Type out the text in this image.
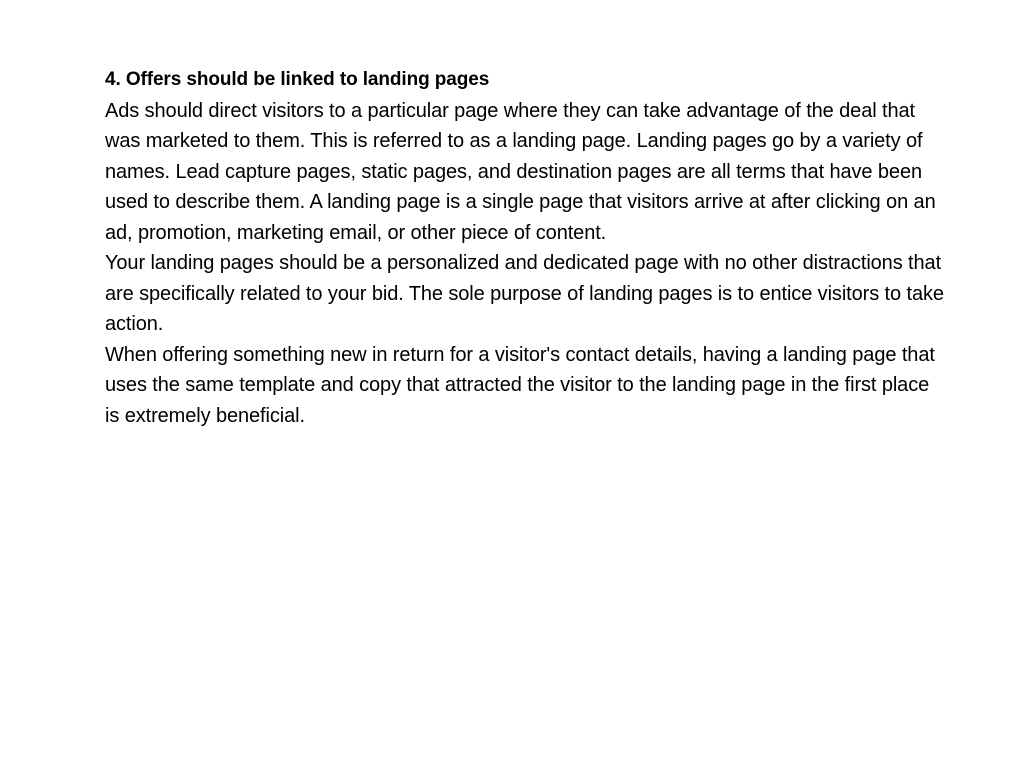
4. Offers should be linked to landing pages

Ads should direct visitors to a particular page where they can take advantage of the deal that was marketed to them. This is referred to as a landing page. Landing pages go by a variety of names. Lead capture pages, static pages, and destination pages are all terms that have been used to describe them. A landing page is a single page that visitors arrive at after clicking on an ad, promotion, marketing email, or other piece of content.

Your landing pages should be a personalized and dedicated page with no other distractions that are specifically related to your bid. The sole purpose of landing pages is to entice visitors to take action.

When offering something new in return for a visitor's contact details, having a landing page that uses the same template and copy that attracted the visitor to the landing page in the first place is extremely beneficial.
